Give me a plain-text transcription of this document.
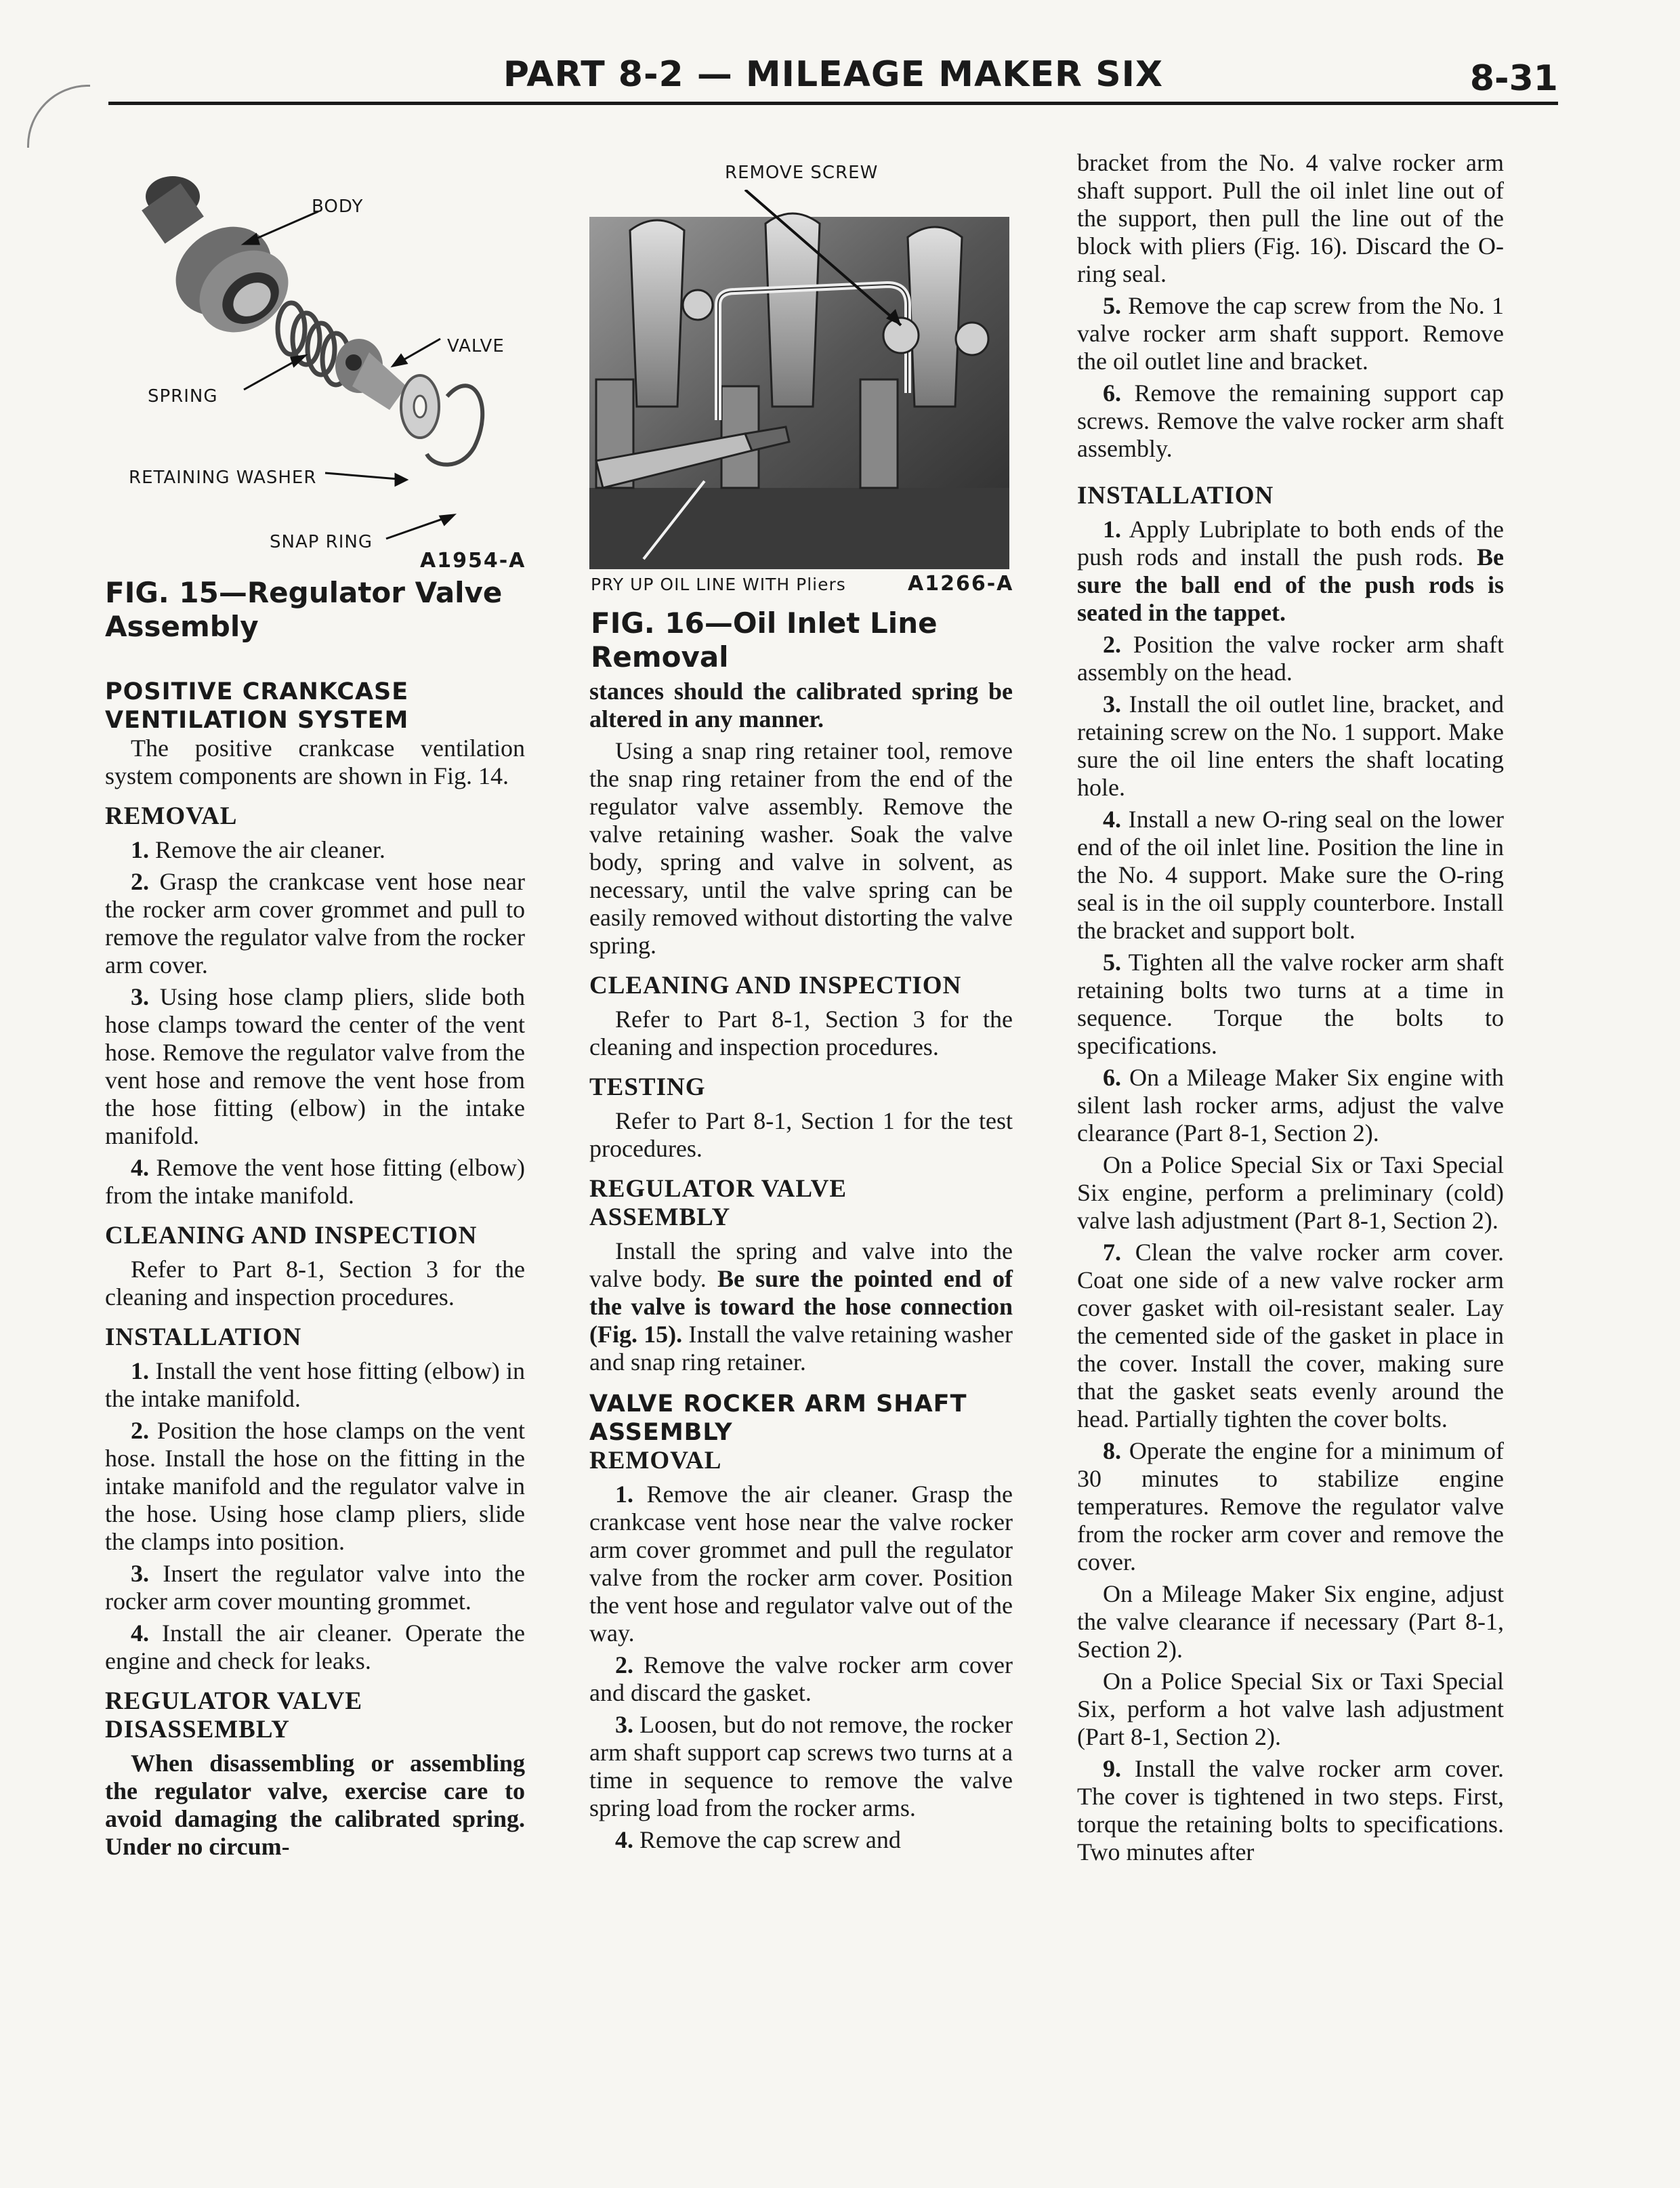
PART 8-2 — MILEAGE MAKER SIX	8-31
BODY
VALVE
SPRING
RETAINING WASHER
SNAP RING
A1954-A
FIG. 15—Regulator Valve
Assembly
REMOVE SCREW
PRY UP OIL LINE WITH Pliers	A1266-A
FIG. 16—Oil Inlet Line Removal
POSITIVE CRANKCASE
VENTILATION SYSTEM

The positive crankcase ventilation system components are shown in Fig. 14.

REMOVAL

1. Remove the air cleaner.

2. Grasp the crankcase vent hose near the rocker arm cover grommet and pull to remove the regulator valve from the rocker arm cover.

3. Using hose clamp pliers, slide both hose clamps toward the center of the vent hose. Remove the regulator valve from the vent hose and remove the vent hose from the hose fitting (elbow) in the intake manifold.

4. Remove the vent hose fitting (elbow) from the intake manifold.

CLEANING AND INSPECTION

Refer to Part 8-1, Section 3 for the cleaning and inspection procedures.

INSTALLATION

1. Install the vent hose fitting (elbow) in the intake manifold.

2. Position the hose clamps on the vent hose. Install the hose on the fitting in the intake manifold and the regulator valve in the hose. Using hose clamp pliers, slide the clamps into position.

3. Insert the regulator valve into the rocker arm cover mounting grommet.

4. Install the air cleaner. Operate the engine and check for leaks.

REGULATOR VALVE
DISASSEMBLY

When disassembling or assembling the regulator valve, exercise care to avoid damaging the calibrated spring. Under no circum-

stances should the calibrated spring be altered in any manner.

Using a snap ring retainer tool, remove the snap ring retainer from the end of the regulator valve assembly. Remove the valve retaining washer. Soak the valve body, spring and valve in solvent, as necessary, until the valve spring can be easily removed without distorting the valve spring.

CLEANING AND INSPECTION

Refer to Part 8-1, Section 3 for the cleaning and inspection procedures.

TESTING

Refer to Part 8-1, Section 1 for the test procedures.

REGULATOR VALVE
ASSEMBLY

Install the spring and valve into the valve body. Be sure the pointed end of the valve is toward the hose connection (Fig. 15). Install the valve retaining washer and snap ring retainer.

VALVE ROCKER ARM SHAFT
ASSEMBLY
REMOVAL

1. Remove the air cleaner. Grasp the crankcase vent hose near the valve rocker arm cover grommet and pull the regulator valve from the rocker arm cover. Position the vent hose and regulator valve out of the way.

2. Remove the valve rocker arm cover and discard the gasket.

3. Loosen, but do not remove, the rocker arm shaft support cap screws two turns at a time in sequence to remove the valve spring load from the rocker arms.

4. Remove the cap screw and

bracket from the No. 4 valve rocker arm shaft support. Pull the oil inlet line out of the support, then pull the line out of the block with pliers (Fig. 16). Discard the O-ring seal.

5. Remove the cap screw from the No. 1 valve rocker arm shaft support. Remove the oil outlet line and bracket.

6. Remove the remaining support cap screws. Remove the valve rocker arm shaft assembly.

INSTALLATION

1. Apply Lubriplate to both ends of the push rods and install the push rods. Be sure the ball end of the push rods is seated in the tappet.

2. Position the valve rocker arm shaft assembly on the head.

3. Install the oil outlet line, bracket, and retaining screw on the No. 1 support. Make sure the oil line enters the shaft locating hole.

4. Install a new O-ring seal on the lower end of the oil inlet line. Position the line in the No. 4 support. Make sure the O-ring seal is in the oil supply counterbore. Install the bracket and support bolt.

5. Tighten all the valve rocker arm shaft retaining bolts two turns at a time in sequence. Torque the bolts to specifications.

6. On a Mileage Maker Six engine with silent lash rocker arms, adjust the valve clearance (Part 8-1, Section 2).

On a Police Special Six or Taxi Special Six engine, perform a preliminary (cold) valve lash adjustment (Part 8-1, Section 2).

7. Clean the valve rocker arm cover. Coat one side of a new valve rocker arm cover gasket with oil-resistant sealer. Lay the cemented side of the gasket in place in the cover. Install the cover, making sure that the gasket seats evenly around the head. Partially tighten the cover bolts.

8. Operate the engine for a minimum of 30 minutes to stabilize engine temperatures. Remove the regulator valve from the rocker arm cover and remove the cover.

On a Mileage Maker Six engine, adjust the valve clearance if necessary (Part 8-1, Section 2).

On a Police Special Six or Taxi Special Six, perform a hot valve lash adjustment (Part 8-1, Section 2).

9. Install the valve rocker arm cover. The cover is tightened in two steps. First, torque the retaining bolts to specifications. Two minutes after
